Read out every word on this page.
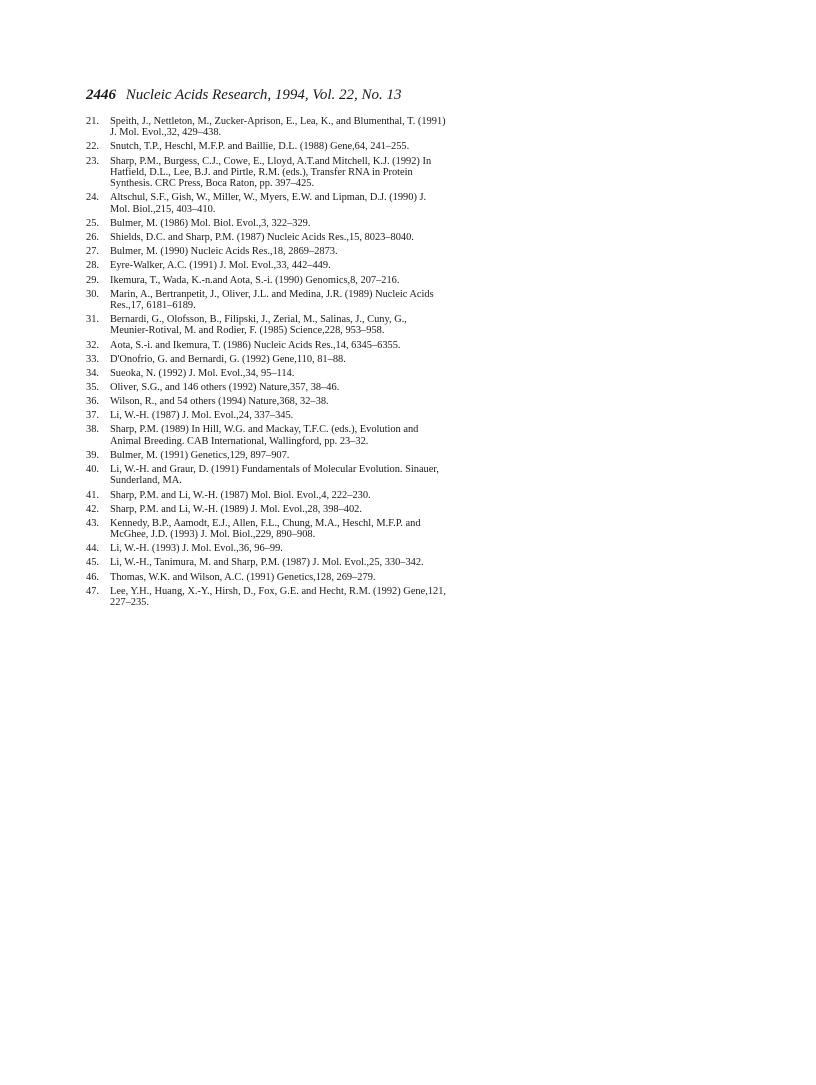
2446 Nucleic Acids Research, 1994, Vol. 22, No. 13
21.	Speith, J., Nettleton, M., Zucker-Aprison, E., Lea, K., and Blumenthal, T. (1991) J. Mol. Evol.,32, 429–438.
22.	Snutch, T.P., Heschl, M.F.P. and Baillie, D.L. (1988) Gene,64, 241–255.
23.	Sharp, P.M., Burgess, C.J., Cowe, E., Lloyd, A.T.and Mitchell, K.J. (1992) In Hatfield, D.L., Lee, B.J. and Pirtle, R.M. (eds.), Transfer RNA in Protein Synthesis. CRC Press, Boca Raton, pp. 397–425.
24.	Altschul, S.F., Gish, W., Miller, W., Myers, E.W. and Lipman, D.J. (1990) J. Mol. Biol.,215, 403–410.
25.	Bulmer, M. (1986) Mol. Biol. Evol.,3, 322–329.
26.	Shields, D.C. and Sharp, P.M. (1987) Nucleic Acids Res.,15, 8023–8040.
27.	Bulmer, M. (1990) Nucleic Acids Res.,18, 2869–2873.
28.	Eyre-Walker, A.C. (1991) J. Mol. Evol.,33, 442–449.
29.	Ikemura, T., Wada, K.-n.and Aota, S.-i. (1990) Genomics,8, 207–216.
30.	Marin, A., Bertranpetit, J., Oliver, J.L. and Medina, J.R. (1989) Nucleic Acids Res.,17, 6181–6189.
31.	Bernardi, G., Olofsson, B., Filipski, J., Zerial, M., Salinas, J., Cuny, G., Meunier-Rotival, M. and Rodier, F. (1985) Science,228, 953–958.
32.	Aota, S.-i. and Ikemura, T. (1986) Nucleic Acids Res.,14, 6345–6355.
33.	D'Onofrio, G. and Bernardi, G. (1992) Gene,110, 81–88.
34.	Sueoka, N. (1992) J. Mol. Evol.,34, 95–114.
35.	Oliver, S.G., and 146 others (1992) Nature,357, 38–46.
36.	Wilson, R., and 54 others (1994) Nature,368, 32–38.
37.	Li, W.-H. (1987) J. Mol. Evol.,24, 337–345.
38.	Sharp, P.M. (1989) In Hill, W.G. and Mackay, T.F.C. (eds.), Evolution and Animal Breeding. CAB International, Wallingford, pp. 23–32.
39.	Bulmer, M. (1991) Genetics,129, 897–907.
40.	Li, W.-H. and Graur, D. (1991) Fundamentals of Molecular Evolution. Sinauer, Sunderland, MA.
41.	Sharp, P.M. and Li, W.-H. (1987) Mol. Biol. Evol.,4, 222–230.
42.	Sharp, P.M. and Li, W.-H. (1989) J. Mol. Evol.,28, 398–402.
43.	Kennedy, B.P., Aamodt, E.J., Allen, F.L., Chung, M.A., Heschl, M.F.P. and McGhee, J.D. (1993) J. Mol. Biol.,229, 890–908.
44.	Li, W.-H. (1993) J. Mol. Evol.,36, 96–99.
45.	Li, W.-H., Tanimura, M. and Sharp, P.M. (1987) J. Mol. Evol.,25, 330–342.
46.	Thomas, W.K. and Wilson, A.C. (1991) Genetics,128, 269–279.
47.	Lee, Y.H., Huang, X.-Y., Hirsh, D., Fox, G.E. and Hecht, R.M. (1992) Gene,121, 227–235.
